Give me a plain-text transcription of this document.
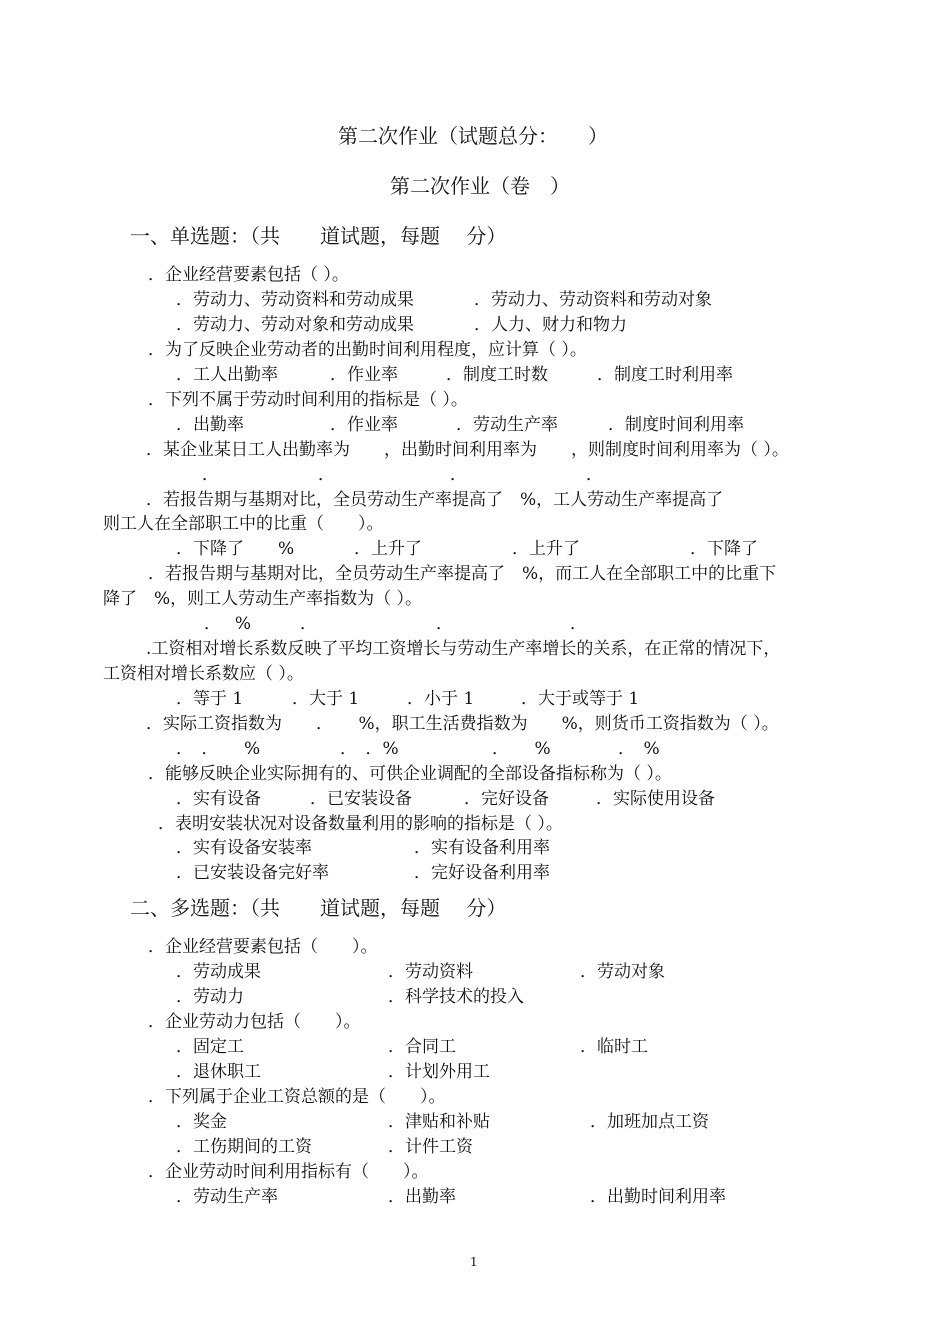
第二次作业（试题总分：　　）
第二次作业（卷　）
一、单选题：（共　　道试题，每题　 分）
．企业经营要素包括（ ）。
．劳动力、劳动资料和劳动成果	．劳动力、劳动资料和劳动对象
．劳动力、劳动对象和劳动成果	．人力、财力和物力
．为了反映企业劳动者的出勤时间利用程度，应计算（ ）。
．工人出勤率	．作业率	．制度工时数	．制度工时利用率
．下列不属于劳动时间利用的指标是（ ）。
．出勤率	．作业率	．劳动生产率	．制度时间利用率
．某企业某日工人出勤率为　　，出勤时间利用率为　　，则制度时间利用率为（ ）。
．	．	．	．
．若报告期与基期对比，全员劳动生产率提高了　%，工人劳动生产率提高了
则工人在全部职工中的比重（　　）。
．下降了　　%	．上升了	．上升了	．下降了
．若报告期与基期对比，全员劳动生产率提高了　%，而工人在全部职工中的比重下
降了　%，则工人劳动生产率指数为（ ）。
．　 %	．	．	．
.工资相对增长系数反映了平均工资增长与劳动生产率增长的关系，在正常的情况下，
工资相对增长系数应（ ）。
．等于 1	．大于 1	．小于 1	．大于或等于 1
．实际工资指数为　　．　　%，职工生活费指数为　　%，则货币工资指数为（ ）。
．　．　　%	．　．%	．　　%	．　%
．能够反映企业实际拥有的、可供企业调配的全部设备指标称为（ ）。
．实有设备	．已安装设备	．完好设备	．实际使用设备
．表明安装状况对设备数量利用的影响的指标是（ ）。
．实有设备安装率	．实有设备利用率
．已安装设备完好率	．完好设备利用率
二、多选题：（共　　道试题，每题　 分）
．企业经营要素包括（　　）。
．劳动成果	．劳动资料	．劳动对象
．劳动力	．科学技术的投入
．企业劳动力包括（　　）。
．固定工	．合同工	．临时工
．退休职工	．计划外用工
．下列属于企业工资总额的是（　　）。
．奖金	．津贴和补贴	．加班加点工资
．工伤期间的工资	．计件工资
．企业劳动时间利用指标有（　　）。
．劳动生产率	．出勤率	．出勤时间利用率
1
